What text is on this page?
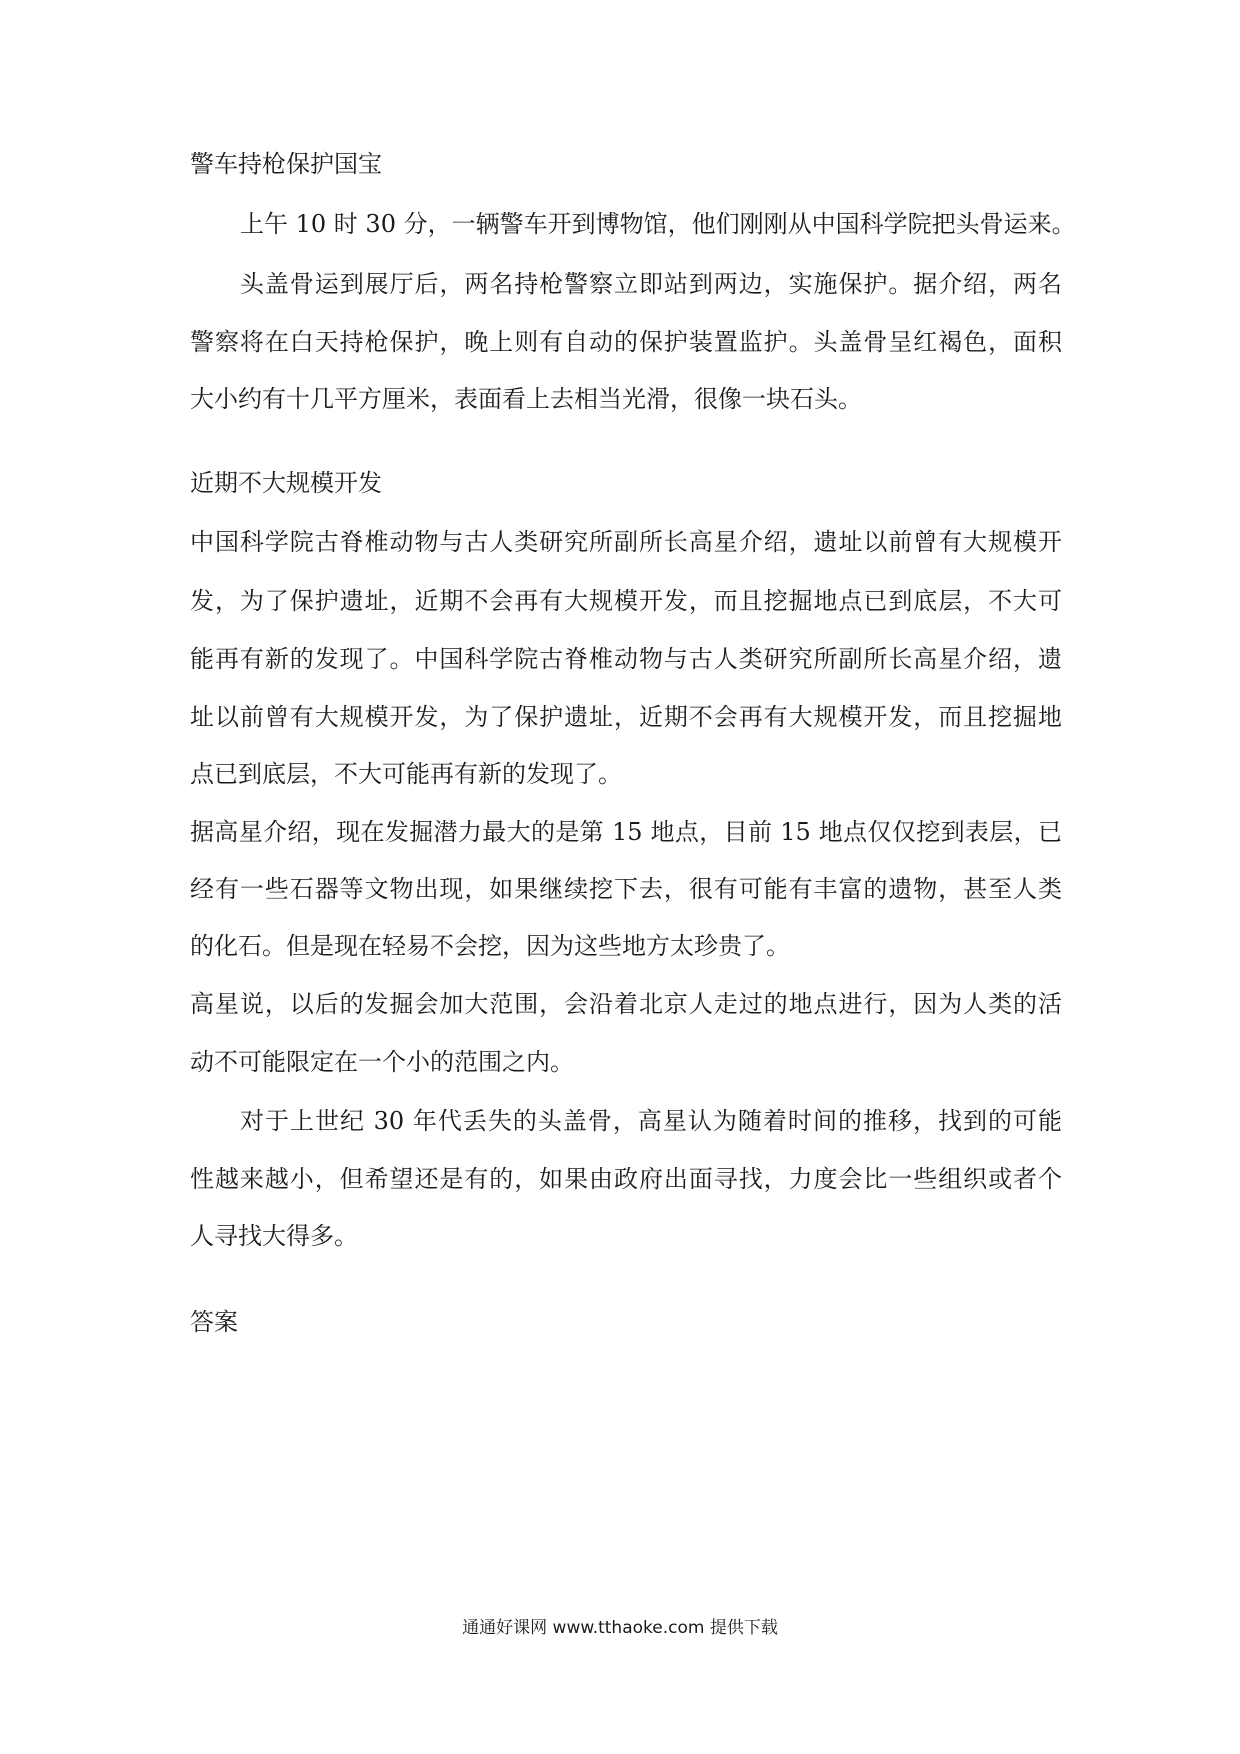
警车持枪保护国宝
上午 10 时 30 分，一辆警车开到博物馆，他们刚刚从中国科学院把头骨运来。
头盖骨运到展厅后，两名持枪警察立即站到两边，实施保护。据介绍，两名
警察将在白天持枪保护，晚上则有自动的保护装置监护。头盖骨呈红褐色，面积
大小约有十几平方厘米，表面看上去相当光滑，很像一块石头。
近期不大规模开发
中国科学院古脊椎动物与古人类研究所副所长高星介绍，遗址以前曾有大规模开
发，为了保护遗址，近期不会再有大规模开发，而且挖掘地点已到底层，不大可
能再有新的发现了。中国科学院古脊椎动物与古人类研究所副所长高星介绍，遗
址以前曾有大规模开发，为了保护遗址，近期不会再有大规模开发，而且挖掘地
点已到底层，不大可能再有新的发现了。
据高星介绍，现在发掘潜力最大的是第 15 地点，目前 15 地点仅仅挖到表层，已
经有一些石器等文物出现，如果继续挖下去，很有可能有丰富的遗物，甚至人类
的化石。但是现在轻易不会挖，因为这些地方太珍贵了。
高星说，以后的发掘会加大范围，会沿着北京人走过的地点进行，因为人类的活
动不可能限定在一个小的范围之内。
对于上世纪 30 年代丢失的头盖骨，高星认为随着时间的推移，找到的可能
性越来越小，但希望还是有的，如果由政府出面寻找，力度会比一些组织或者个
人寻找大得多。
答案
通通好课网 www.tthaoke.com 提供下载
